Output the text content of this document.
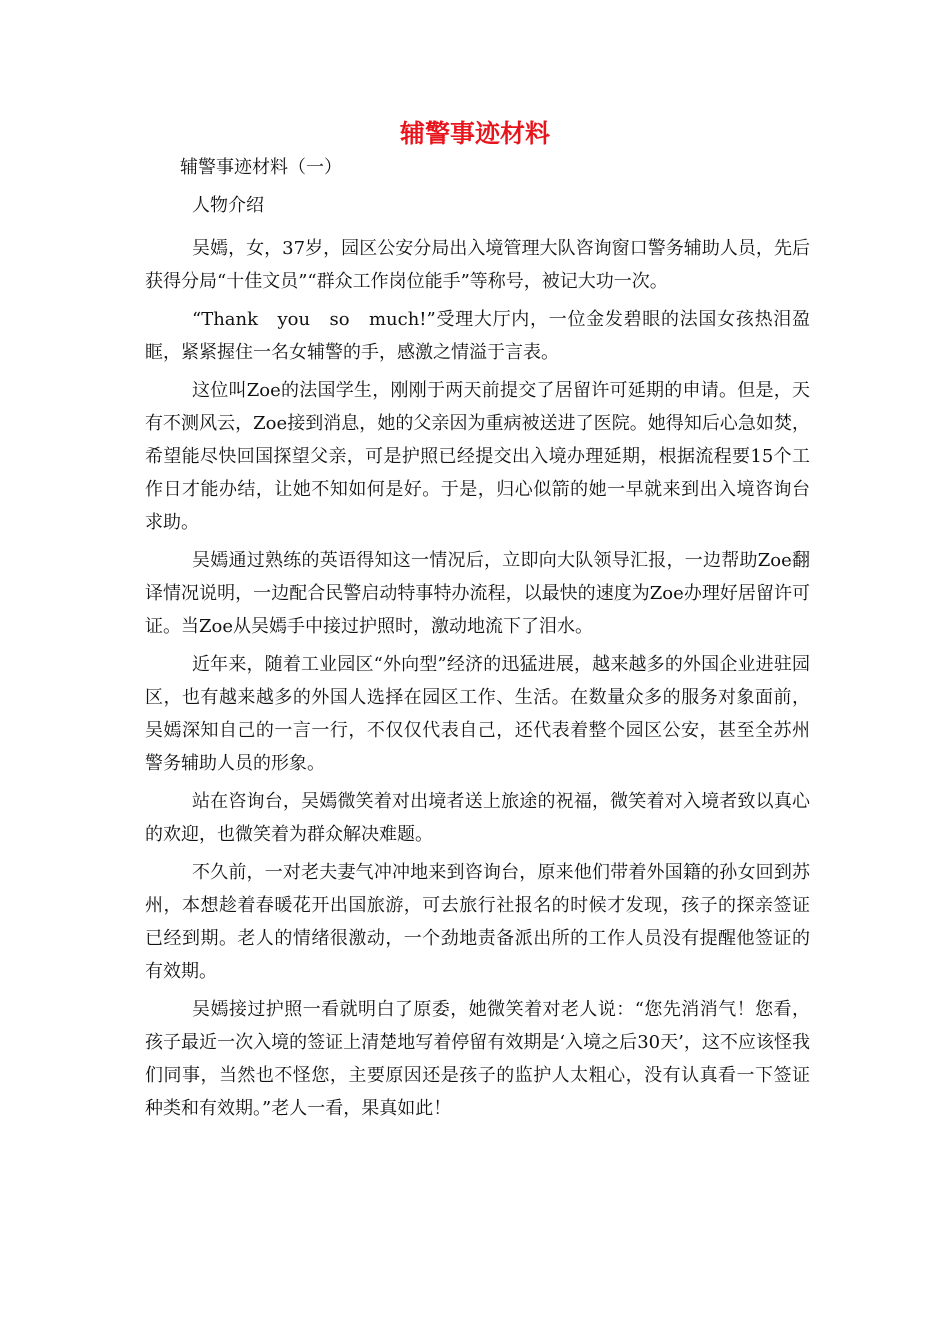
辅警事迹材料

辅警事迹材料（一）

人物介绍

吴嫣，女，37岁，园区公安分局出入境管理大队咨询窗口警务辅助人员，先后获得分局“十佳文员”“群众工作岗位能手”等称号，被记大功一次。

“Thank　you　so　much!”受理大厅内，一位金发碧眼的法国女孩热泪盈眶，紧紧握住一名女辅警的手，感激之情溢于言表。

这位叫Zoe的法国学生，刚刚于两天前提交了居留许可延期的申请。但是，天有不测风云，Zoe接到消息，她的父亲因为重病被送进了医院。她得知后心急如焚，希望能尽快回国探望父亲，可是护照已经提交出入境办理延期，根据流程要15个工作日才能办结，让她不知如何是好。于是，归心似箭的她一早就来到出入境咨询台求助。

吴嫣通过熟练的英语得知这一情况后，立即向大队领导汇报，一边帮助Zoe翻译情况说明，一边配合民警启动特事特办流程，以最快的速度为Zoe办理好居留许可证。当Zoe从吴嫣手中接过护照时，激动地流下了泪水。

近年来，随着工业园区“外向型”经济的迅猛进展，越来越多的外国企业进驻园区，也有越来越多的外国人选择在园区工作、生活。在数量众多的服务对象面前，吴嫣深知自己的一言一行，不仅仅代表自己，还代表着整个园区公安，甚至全苏州警务辅助人员的形象。

站在咨询台，吴嫣微笑着对出境者送上旅途的祝福，微笑着对入境者致以真心的欢迎，也微笑着为群众解决难题。

不久前，一对老夫妻气冲冲地来到咨询台，原来他们带着外国籍的孙女回到苏州，本想趁着春暖花开出国旅游，可去旅行社报名的时候才发现，孩子的探亲签证已经到期。老人的情绪很激动，一个劲地责备派出所的工作人员没有提醒他签证的有效期。

吴嫣接过护照一看就明白了原委，她微笑着对老人说：“您先消消气！您看，孩子最近一次入境的签证上清楚地写着停留有效期是‘入境之后30天’，这不应该怪我们同事，当然也不怪您，主要原因还是孩子的监护人太粗心，没有认真看一下签证种类和有效期。”老人一看，果真如此！
